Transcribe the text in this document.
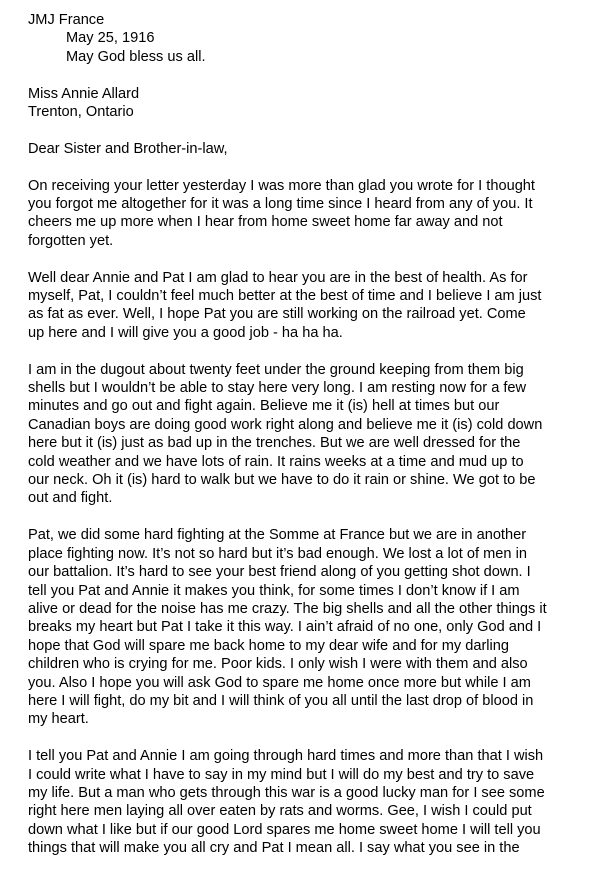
JMJ France

May 25, 1916

May God bless us all.

Miss Annie Allard

Trenton, Ontario

Dear Sister and Brother-in-law,

On receiving your letter yesterday I was more than glad you wrote for I thought

you forgot me altogether for it was a long time since I heard from any of you. It

cheers me up more when I hear from home sweet home far away and not

forgotten yet.

Well dear Annie and Pat I am glad to hear you are in the best of health. As for

myself, Pat, I couldn’t feel much better at the best of time and I believe I am just

as fat as ever. Well, I hope Pat you are still working on the railroad yet. Come

up here and I will give you a good job - ha ha ha.

I am in the dugout about twenty feet under the ground keeping from them big

shells but I wouldn’t be able to stay here very long. I am resting now for a few

minutes and go out and fight again. Believe me it (is) hell at times but our

Canadian boys are doing good work right along and believe me it (is) cold down

here but it (is) just as bad up in the trenches. But we are well dressed for the

cold weather and we have lots of rain. It rains weeks at a time and mud up to

our neck. Oh it (is) hard to walk but we have to do it rain or shine. We got to be

out and fight.

Pat, we did some hard fighting at the Somme at France but we are in another

place fighting now. It’s not so hard but it’s bad enough. We lost a lot of men in

our battalion. It’s hard to see your best friend along of you getting shot down. I

tell you Pat and Annie it makes you think, for some times I don’t know if I am

alive or dead for the noise has me crazy. The big shells and all the other things it

breaks my heart but Pat I take it this way. I ain’t afraid of no one, only God and I

hope that God will spare me back home to my dear wife and for my darling

children who is crying for me. Poor kids. I only wish I were with them and also

you. Also I hope you will ask God to spare me home once more but while I am

here I will fight, do my bit and I will think of you all until the last drop of blood in

my heart.

I tell you Pat and Annie I am going through hard times and more than that I wish

I could write what I have to say in my mind but I will do my best and try to save

my life. But a man who gets through this war is a good lucky man for I see some

right here men laying all over eaten by rats and worms. Gee, I wish I could put

down what I like but if our good Lord spares me home sweet home I will tell you

things that will make you all cry and Pat I mean all. I say what you see in the
